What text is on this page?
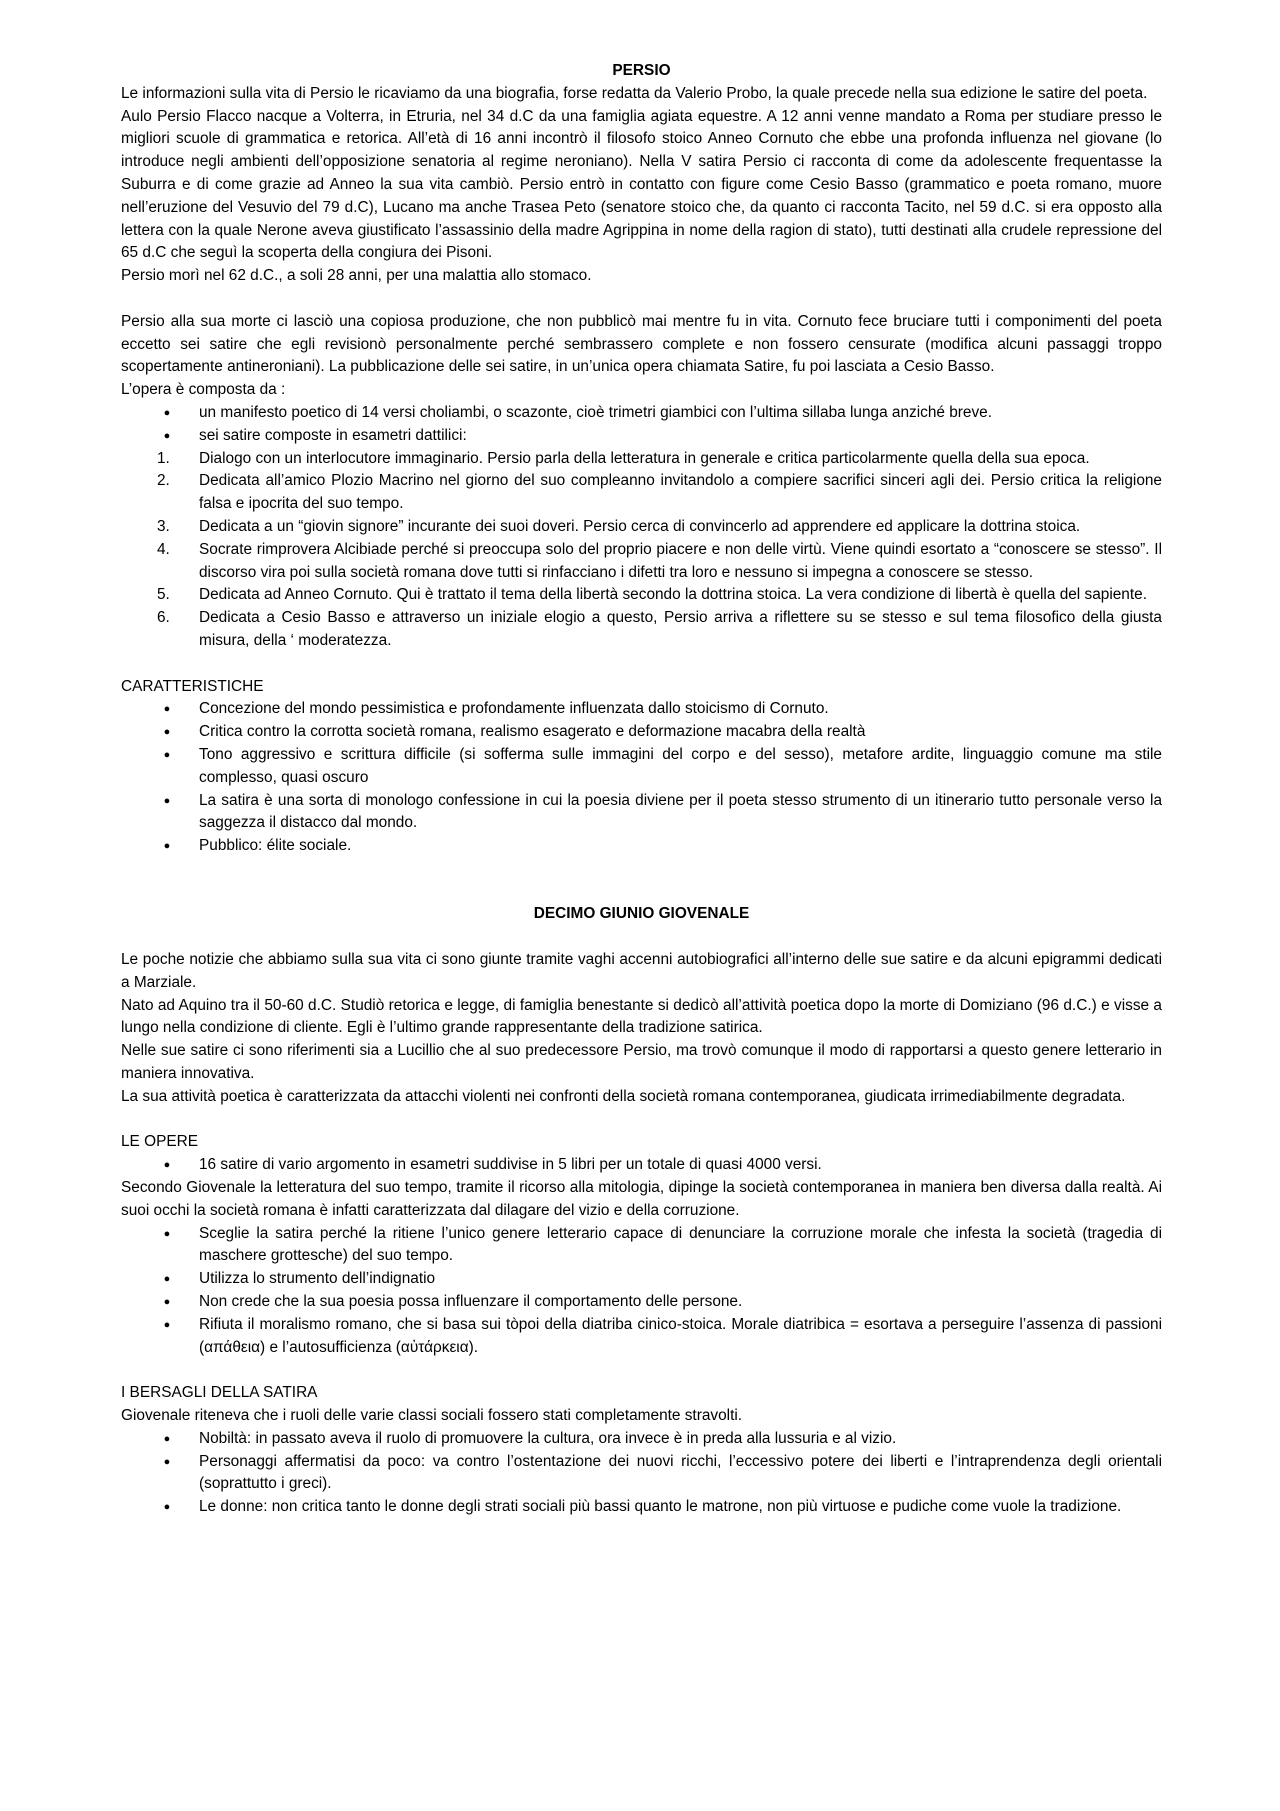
PERSIO

Le informazioni sulla vita di Persio le ricaviamo da una biografia, forse redatta da Valerio Probo, la quale precede nella sua edizione le satire del poeta.

Aulo Persio Flacco nacque a Volterra, in Etruria, nel 34 d.C da una famiglia agiata equestre. A 12 anni venne mandato a Roma per studiare presso le migliori scuole di grammatica e retorica. All’età di 16 anni incontrò il filosofo stoico Anneo Cornuto che ebbe una profonda influenza nel giovane (lo introduce negli ambienti dell’opposizione senatoria al regime neroniano). Nella V satira Persio ci racconta di come da adolescente frequentasse la Suburra e di come grazie ad Anneo la sua vita cambiò. Persio entrò in contatto con figure come Cesio Basso (grammatico e poeta romano, muore nell’eruzione del Vesuvio del 79 d.C), Lucano ma anche Trasea Peto (senatore stoico che, da quanto ci racconta Tacito, nel 59 d.C. si era opposto alla lettera con la quale Nerone aveva giustificato l’assassinio della madre Agrippina in nome della ragion di stato), tutti destinati alla crudele repressione del 65 d.C che seguì la scoperta della congiura dei Pisoni.

Persio morì nel 62 d.C., a soli 28 anni, per una malattia allo stomaco.

Persio alla sua morte ci lasciò una copiosa produzione, che non pubblicò mai mentre fu in vita. Cornuto fece bruciare tutti i componimenti del poeta eccetto sei satire che egli revisionò personalmente perché sembrassero complete e non fossero censurate (modifica alcuni passaggi troppo scopertamente antineroniani). La pubblicazione delle sei satire, in un’unica opera chiamata Satire, fu poi lasciata a Cesio Basso.

L’opera è composta da :

● un manifesto poetico di 14 versi choliambi, o scazonte, cioè trimetri giambici con l’ultima sillaba lunga anziché breve.
● sei satire composte in esametri dattilici:
1.	Dialogo con un interlocutore immaginario. Persio parla della letteratura in generale e critica particolarmente quella della sua epoca.
2.	Dedicata all’amico Plozio Macrino nel giorno del suo compleanno invitandolo a compiere sacrifici sinceri agli dei. Persio critica la religione falsa e ipocrita del suo tempo.
3.	Dedicata a un “giovin signore” incurante dei suoi doveri. Persio cerca di convincerlo ad apprendere ed applicare la dottrina stoica.
4.	Socrate rimprovera Alcibiade perché si preoccupa solo del proprio piacere e non delle virtù. Viene quindi esortato a “conoscere se stesso”. Il discorso vira poi sulla società romana dove tutti si rinfacciano i difetti tra loro e nessuno si impegna a conoscere se stesso.
5.	Dedicata ad Anneo Cornuto. Qui è trattato il tema della libertà secondo la dottrina stoica. La vera condizione di libertà è quella del sapiente.
6.	Dedicata a Cesio Basso e attraverso un iniziale elogio a questo, Persio arriva a riflettere su se stesso e sul tema filosofico della giusta misura, della ‘ moderatezza.

CARATTERISTICHE

● Concezione del mondo pessimistica e profondamente influenzata dallo stoicismo di Cornuto.
● Critica contro la corrotta società romana, realismo esagerato e deformazione macabra della realtà
● Tono aggressivo e scrittura difficile (si sofferma sulle immagini del corpo e del sesso), metafore ardite, linguaggio comune ma stile complesso, quasi oscuro
● La satira è una sorta di monologo confessione in cui la poesia diviene per il poeta stesso strumento di un itinerario tutto personale verso la saggezza il distacco dal mondo.
● Pubblico: élite sociale.
DECIMO GIUNIO GIOVENALE

Le poche notizie che abbiamo sulla sua vita ci sono giunte tramite vaghi accenni autobiografici all’interno delle sue satire e da alcuni epigrammi dedicati a Marziale.

Nato ad Aquino tra il 50-60 d.C. Studiò retorica e legge, di famiglia benestante si dedicò all’attività poetica dopo la morte di Domiziano (96 d.C.) e visse a lungo nella condizione di cliente. Egli è l’ultimo grande rappresentante della tradizione satirica.

Nelle sue satire ci sono riferimenti sia a Lucillio che al suo predecessore Persio, ma trovò comunque il modo di rapportarsi a questo genere letterario in maniera innovativa.

La sua attività poetica è caratterizzata da attacchi violenti nei confronti della società romana contemporanea, giudicata irrimediabilmente degradata.

LE OPERE

● 16 satire di vario argomento in esametri suddivise in 5 libri per un totale di quasi 4000 versi.

Secondo Giovenale la letteratura del suo tempo, tramite il ricorso alla mitologia, dipinge la società contemporanea in maniera ben diversa dalla realtà. Ai suoi occhi la società romana è infatti caratterizzata dal dilagare del vizio e della corruzione.

● Sceglie la satira perché la ritiene l’unico genere letterario capace di denunciare la corruzione morale che infesta la società (tragedia di maschere grottesche) del suo tempo.
● Utilizza lo strumento dell’indignatio
● Non crede che la sua poesia possa influenzare il comportamento delle persone.
● Rifiuta il moralismo romano, che si basa sui tòpoi della diatriba cinico-stoica. Morale diatribica = esortava a perseguire l’assenza di passioni (απάθεια) e l’autosufficienza (αὐτάρκεια).

I BERSAGLI DELLA SATIRA

Giovenale riteneva che i ruoli delle varie classi sociali fossero stati completamente stravolti.

● Nobiltà: in passato aveva il ruolo di promuovere la cultura, ora invece è in preda alla lussuria e al vizio.
● Personaggi affermatisi da poco: va contro l’ostentazione dei nuovi ricchi, l’eccessivo potere dei liberti e l’intraprendenza degli orientali (soprattutto i greci).
● Le donne: non critica tanto le donne degli strati sociali più bassi quanto le matrone, non più virtuose e pudiche come vuole la tradizione.
